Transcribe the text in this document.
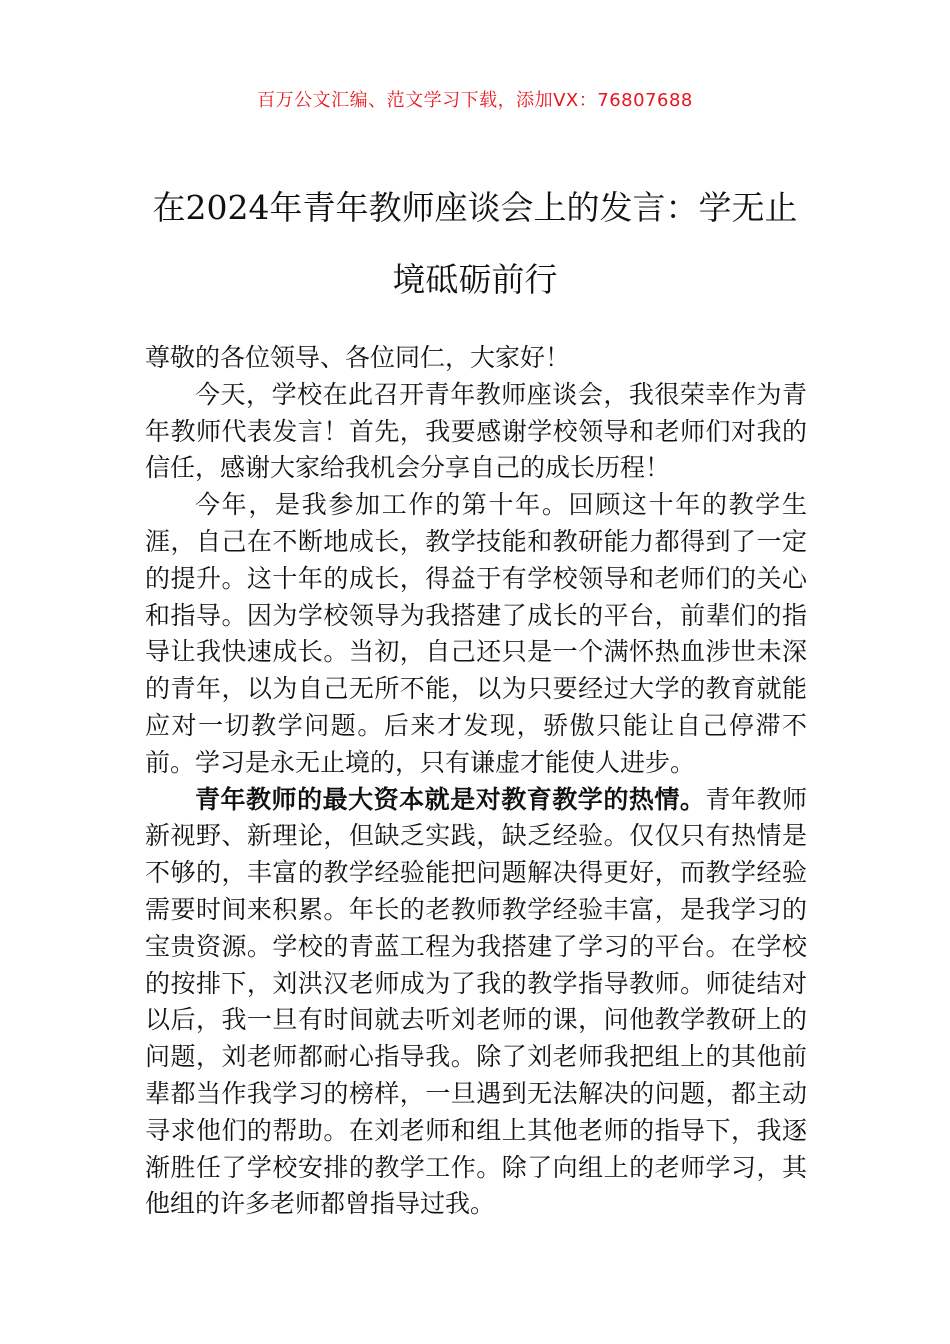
百万公文汇编、范文学习下载，添加VX：76807688
在2024年青年教师座谈会上的发言：学无止境砥砺前行

尊敬的各位领导、各位同仁，大家好！

今天，学校在此召开青年教师座谈会，我很荣幸作为青年教师代表发言！首先，我要感谢学校领导和老师们对我的信任，感谢大家给我机会分享自己的成长历程！

今年，是我参加工作的第十年。回顾这十年的教学生涯，自己在不断地成长，教学技能和教研能力都得到了一定的提升。这十年的成长，得益于有学校领导和老师们的关心和指导。因为学校领导为我搭建了成长的平台，前辈们的指导让我快速成长。当初，自己还只是一个满怀热血涉世未深的青年，以为自己无所不能，以为只要经过大学的教育就能应对一切教学问题。后来才发现，骄傲只能让自己停滞不前。学习是永无止境的，只有谦虚才能使人进步。

青年教师的最大资本就是对教育教学的热情。青年教师新视野、新理论，但缺乏实践，缺乏经验。仅仅只有热情是不够的，丰富的教学经验能把问题解决得更好，而教学经验需要时间来积累。年长的老教师教学经验丰富，是我学习的宝贵资源。学校的青蓝工程为我搭建了学习的平台。在学校的按排下，刘洪汉老师成为了我的教学指导教师。师徒结对以后，我一旦有时间就去听刘老师的课，问他教学教研上的问题，刘老师都耐心指导我。除了刘老师我把组上的其他前辈都当作我学习的榜样，一旦遇到无法解决的问题，都主动寻求他们的帮助。在刘老师和组上其他老师的指导下，我逐渐胜任了学校安排的教学工作。除了向组上的老师学习，其他组的许多老师都曾指导过我。
